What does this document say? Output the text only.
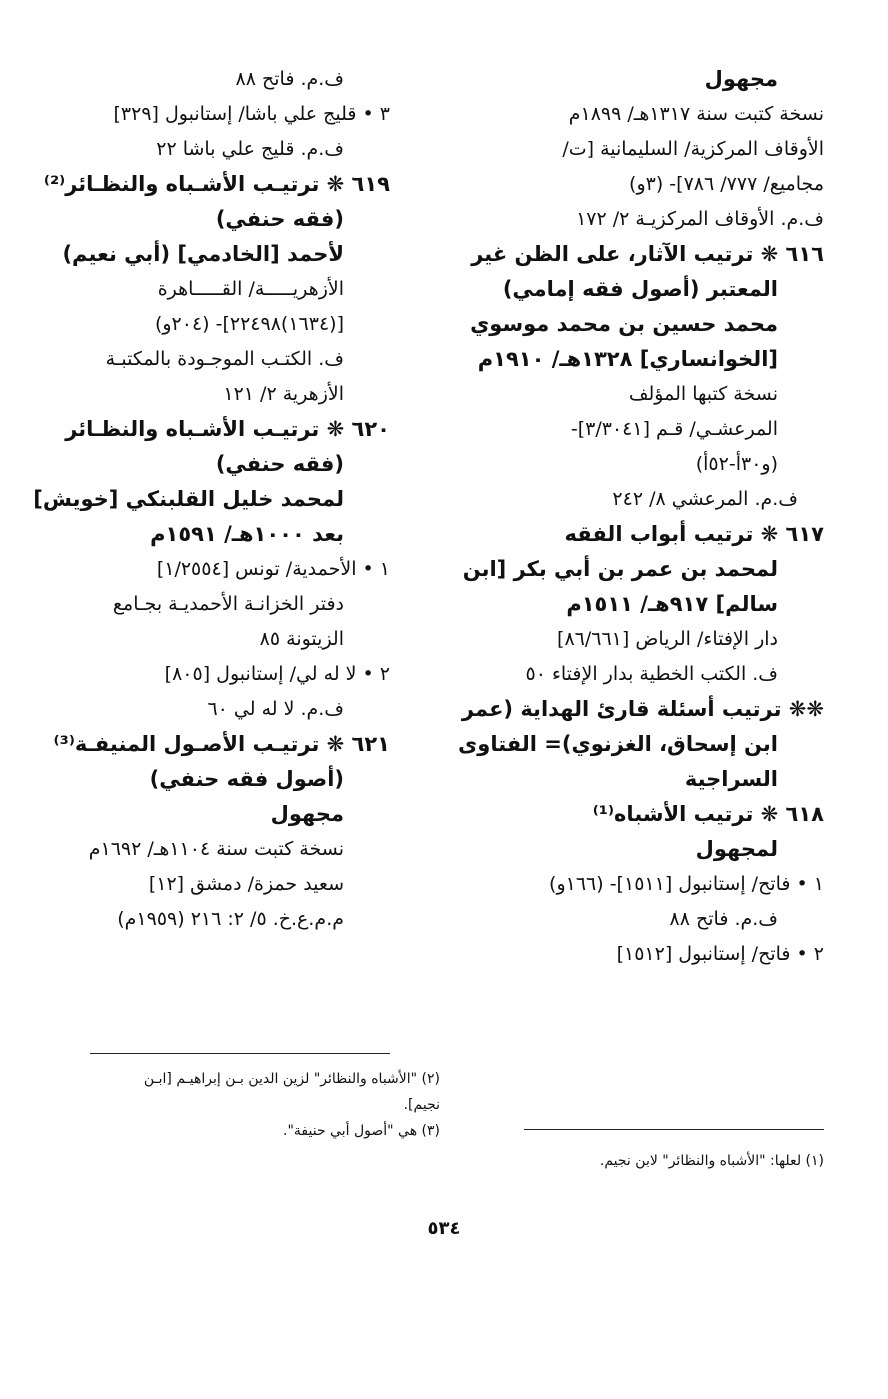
مجهول
نسخة كتبت سنة ١٣١٧هـ/ ١٨٩٩م
الأوقاف المركزية/ السليمانية [ت/
مجاميع/ ٧٧٧/ ٧٨٦]- (٣و)
ف.م. الأوقاف المركزيـة ٢/ ١٧٢
٦١٦ ❋ ترتيب الآثار، على الظن غير
المعتبر (أصول فقه إمامي)
محمد حسين بن محمد موسوي
[الخوانساري] ١٣٢٨هـ/ ١٩١٠م
نسخة كتبها المؤلف
المرعشـي/ قـم [٣/٣٠٤١]-
(و٣٠أ-٥٢أ)
ف.م. المرعشي ٨/ ٢٤٢
٦١٧ ❋ ترتيب أبواب الفقه
لمحمد بن عمر بن أبي بكر [ابن
سالم] ٩١٧هـ/ ١٥١١م
دار الإفتاء/ الرياض [٨٦/٦٦١]
ف. الكتب الخطية بدار الإفتاء ٥٠
❋❋ ترتيب أسئلة قارئ الهداية (عمر
ابن إسحاق، الغزنوي)= الفتاوى
السراجية
٦١٨ ❋ ترتيب الأشباه⁽¹⁾
لمجهول
١ • فاتح/ إستانبول [١٥١١]- (١٦٦و)
ف.م. فاتح ٨٨
٢ • فاتح/ إستانبول [١٥١٢]
ف.م. فاتح ٨٨
٣ • قليج علي باشا/ إستانبول [٣٢٩]
ف.م. قليج علي باشا ٢٢
٦١٩ ❋ ترتيـب الأشـباه والنظـائر⁽²⁾
(فقه حنفي)
لأحمد [الخادمي] (أبي نعيم)
الأزهريـــــة/ القـــــاهرة
[(١٦٣٤)٢٢٤٩٨]- (٢٠٤و)
ف. الكتـب الموجـودة بالمكتبـة
الأزهرية ٢/ ١٢١
٦٢٠ ❋ ترتيـب الأشـباه والنظـائر
(فقه حنفي)
لمحمد خليل القلبنكي [خويش]
بعد ١٠٠٠هـ/ ١٥٩١م
١ • الأحمدية/ تونس [١/٢٥٥٤]
دفتر الخزانـة الأحمديـة بجـامع
الزيتونة ٨٥
٢ • لا له لي/ إستانبول [٨٠٥]
ف.م. لا له لي ٦٠
٦٢١ ❋ ترتيـب الأصـول المنيفـة⁽³⁾
(أصول فقه حنفي)
مجهول
نسخة كتبت سنة ١١٠٤هـ/ ١٦٩٢م
سعيد حمزة/ دمشق [١٢]
م.م.ع.خ. ٥/ ٢: ٢١٦ (١٩٥٩م)
(١) لعلها: "الأشباه والنظائر" لابن نجيم.
(٢) "الأشباه والنظائر" لزين الدين بـن إبراهيـم [ابـن
نجيم].
(٣) هي "أصول أبي حنيفة".
٥٣٤
